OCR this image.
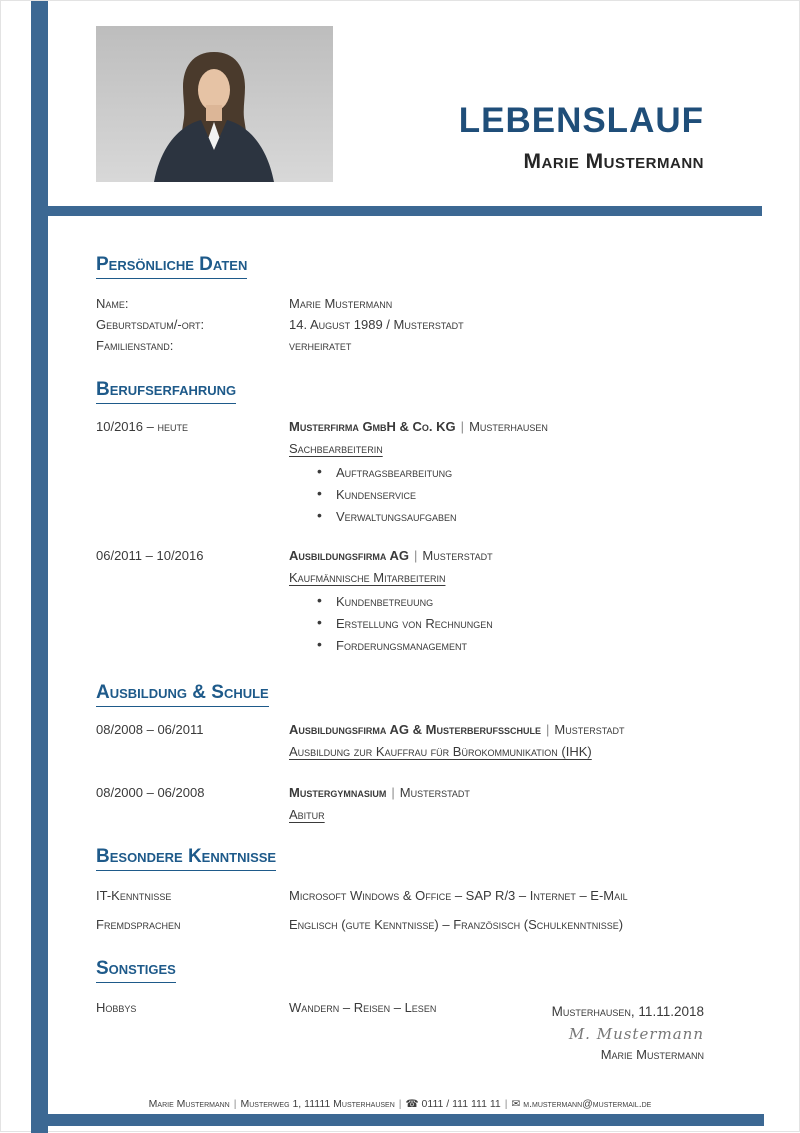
LEBENSLAUF
Marie Mustermann
Persönliche Daten
Name:	Marie Mustermann
Geburtsdatum/-ort:	14. August 1989 / Musterstadt
Familienstand:	verheiratet
Berufserfahrung
10/2016 – heute	Musterfirma GmbH & Co. KG | Musterhausen
Sachbearbeiterin
• Auftragsbearbeitung
• Kundenservice
• Verwaltungsaufgaben
06/2011 – 10/2016	Ausbildungsfirma AG | Musterstadt
Kaufmännische Mitarbeiterin
• Kundenbetreuung
• Erstellung von Rechnungen
• Forderungsmanagement
Ausbildung & Schule
08/2008 – 06/2011	Ausbildungsfirma AG & Musterberufsschule | Musterstadt
Ausbildung zur Kauffrau für Bürokommunikation (IHK)
08/2000 – 06/2008	Mustergymnasium | Musterstadt
Abitur
Besondere Kenntnisse
IT-Kenntnisse	Microsoft Windows & Office – SAP R/3 – Internet – E-Mail
Fremdsprachen	Englisch (gute Kenntnisse) – Französisch (Schulkenntnisse)
Sonstiges
Hobbys	Wandern – Reisen – Lesen	Musterhausen, 11.11.2018
M. Mustermann
Marie Mustermann
Marie Mustermann | Musterweg 1, 11111 Musterhausen | ☎ 0111 / 111 111 11 | ✉ m.mustermann@mustermail.de
